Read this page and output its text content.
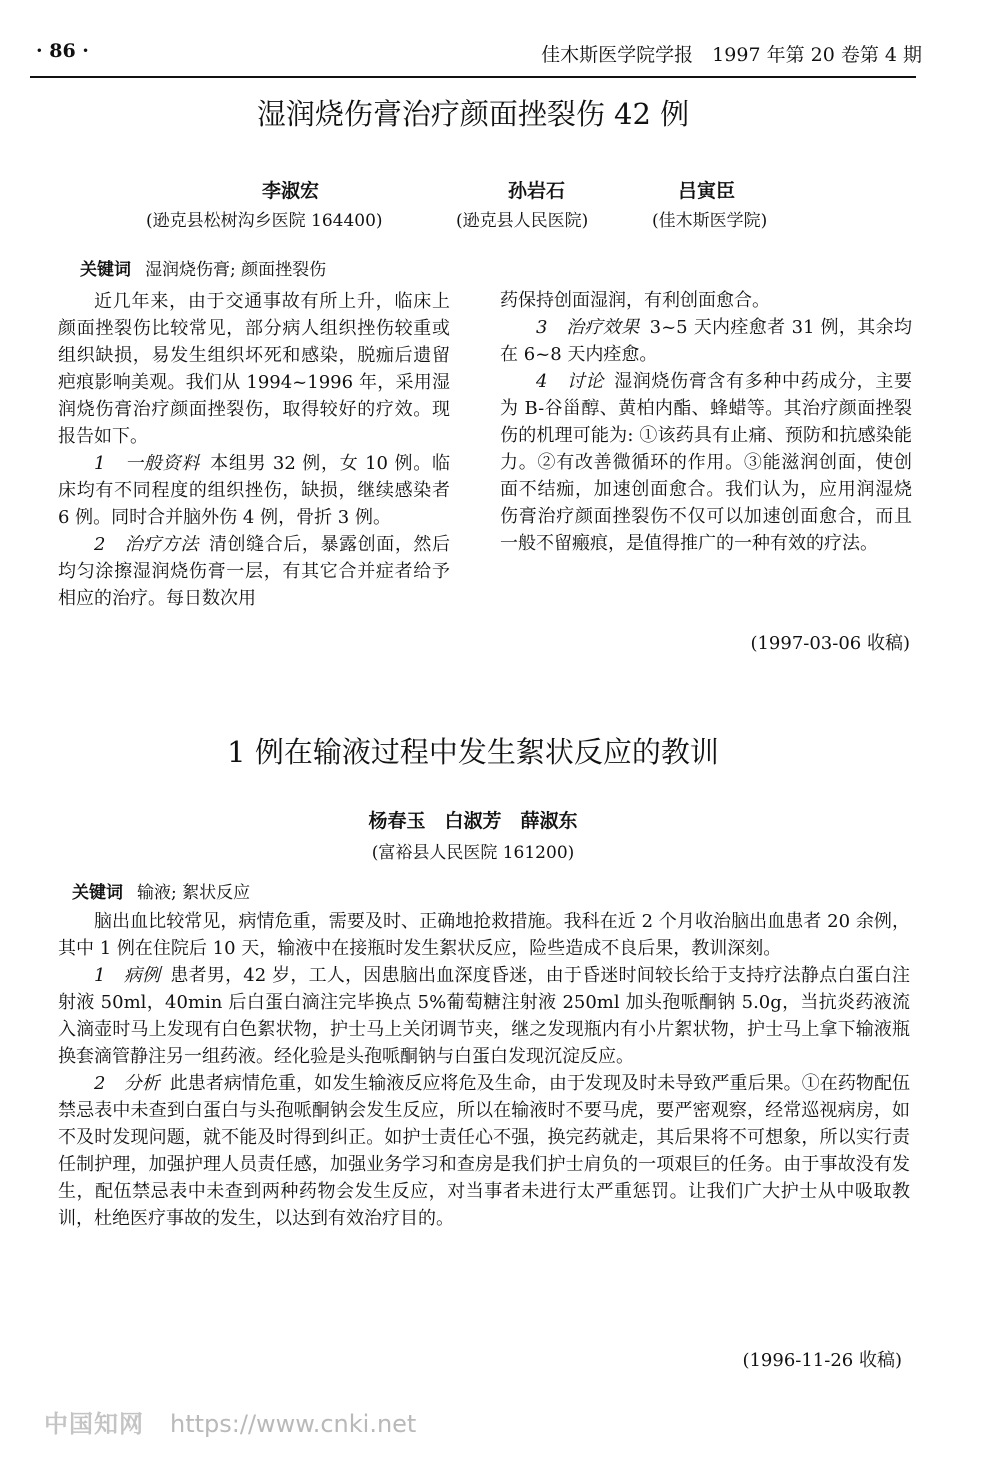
· 86 ·	佳木斯医学院学报　1997 年第 20 卷第 4 期
湿润烧伤膏治疗颜面挫裂伤 42 例
李淑宏	孙岩石	吕寅臣
(逊克县松树沟乡医院 164400)	(逊克县人民医院)	(佳木斯医学院)
关键词 湿润烧伤膏; 颜面挫裂伤

近几年来，由于交通事故有所上升，临床上颜面挫裂伤比较常见，部分病人组织挫伤较重或组织缺损，易发生组织坏死和感染，脱痂后遗留疤痕影响美观。我们从 1994~1996 年，采用湿润烧伤膏治疗颜面挫裂伤，取得较好的疗效。现报告如下。

1　一般资料 本组男 32 例，女 10 例。临床均有不同程度的组织挫伤，缺损，继续感染者 6 例。同时合并脑外伤 4 例，骨折 3 例。

2　治疗方法 清创缝合后，暴露创面，然后均匀涂擦湿润烧伤膏一层，有其它合并症者给予相应的治疗。每日数次用

药保持创面湿润，有利创面愈合。

3　治疗效果 3~5 天内痊愈者 31 例，其余均在 6~8 天内痊愈。

4　讨论 湿润烧伤膏含有多种中药成分，主要为 B-谷甾醇、黄柏内酯、蜂蜡等。其治疗颜面挫裂伤的机理可能为: ①该药具有止痛、预防和抗感染能力。②有改善微循环的作用。③能滋润创面，使创面不结痂，加速创面愈合。我们认为，应用润湿烧伤膏治疗颜面挫裂伤不仅可以加速创面愈合，而且一般不留瘢痕，是值得推广的一种有效的疗法。

(1997-03-06 收稿)
1 例在输液过程中发生絮状反应的教训
杨春玉　白淑芳　薛淑东
(富裕县人民医院 161200)
关键词 输液; 絮状反应

脑出血比较常见，病情危重，需要及时、正确地抢救措施。我科在近 2 个月收治脑出血患者 20 余例，其中 1 例在住院后 10 天，输液中在接瓶时发生絮状反应，险些造成不良后果，教训深刻。

1　病例 患者男，42 岁，工人，因患脑出血深度昏迷，由于昏迷时间较长给于支持疗法静点白蛋白注射液 50ml，40min 后白蛋白滴注完毕换点 5%葡萄糖注射液 250ml 加头孢哌酮钠 5.0g，当抗炎药液流入滴壶时马上发现有白色絮状物，护士马上关闭调节夹，继之发现瓶内有小片絮状物，护士马上拿下输液瓶换套滴管静注另一组药液。经化验是头孢哌酮钠与白蛋白发现沉淀反应。

2　分析 此患者病情危重，如发生输液反应将危及生命，由于发现及时未导致严重后果。①在药物配伍禁忌表中未查到白蛋白与头孢哌酮钠会发生反应，所以在输液时不要马虎，要严密观察，经常巡视病房，如不及时发现问题，就不能及时得到纠正。如护士责任心不强，换完药就走，其后果将不可想象，所以实行责任制护理，加强护理人员责任感，加强业务学习和查房是我们护士肩负的一项艰巨的任务。由于事故没有发生，配伍禁忌表中未查到两种药物会发生反应，对当事者未进行太严重惩罚。让我们广大护士从中吸取教训，杜绝医疗事故的发生，以达到有效治疗目的。

(1996-11-26 收稿)
中国知网 https://www.cnki.net
